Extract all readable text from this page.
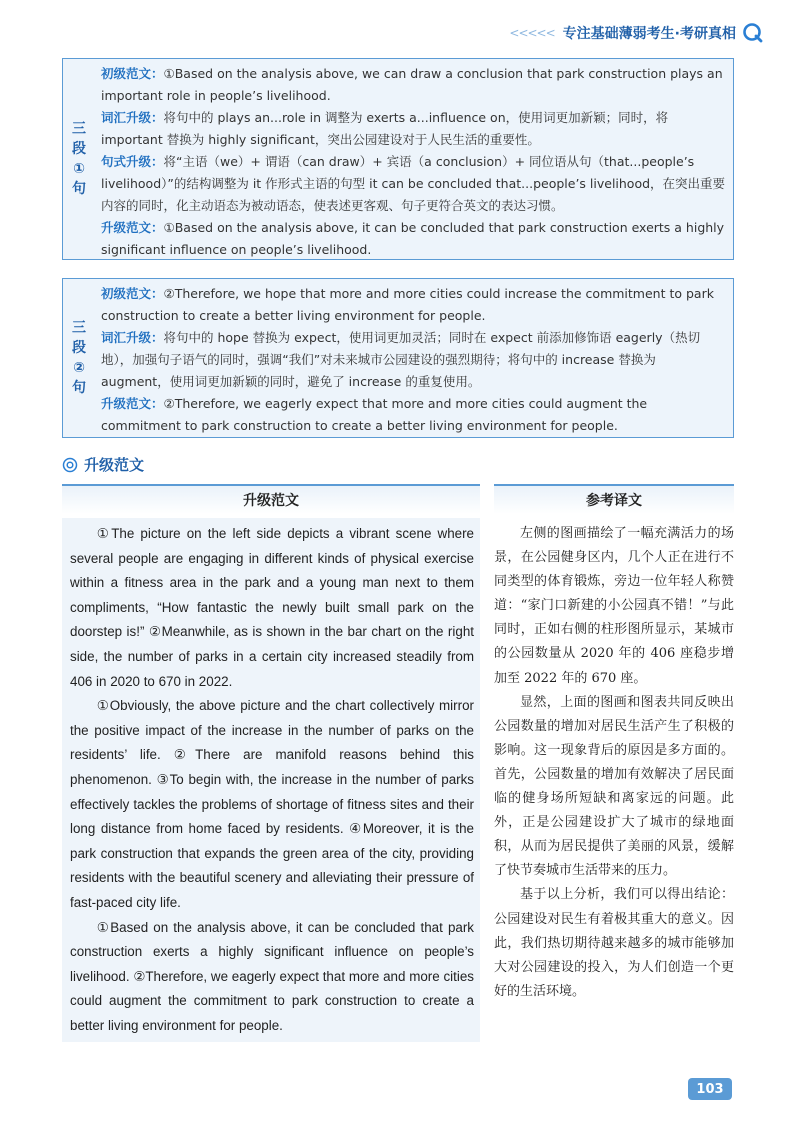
<<<<< 专注基础薄弱考生·考研真相
三
段
①
句

初级范文：①Based on the analysis above, we can draw a conclusion that park construction plays an important role in people’s livelihood.

词汇升级：将句中的 plays an...role in 调整为 exerts a...influence on，使用词更加新颖；同时，将 important 替换为 highly significant，突出公园建设对于人民生活的重要性。

句式升级：将“主语（we）+ 谓语（can draw）+ 宾语（a conclusion）+ 同位语从句（that...people’s livelihood）”的结构调整为 it 作形式主语的句型 it can be concluded that...people’s livelihood，在突出重要内容的同时，化主动语态为被动语态，使表述更客观、句子更符合英文的表达习惯。

升级范文：①Based on the analysis above, it can be concluded that park construction exerts a highly significant influence on people’s livelihood.

三
段
②
句

初级范文：②Therefore, we hope that more and more cities could increase the commitment to park construction to create a better living environment for people.

词汇升级：将句中的 hope 替换为 expect，使用词更加灵活；同时在 expect 前添加修饰语 eagerly（热切地），加强句子语气的同时，强调“我们”对未来城市公园建设的强烈期待；将句中的 increase 替换为 augment，使用词更加新颖的同时，避免了 increase 的重复使用。

升级范文：②Therefore, we eagerly expect that more and more cities could augment the commitment to park construction to create a better living environment for people.

升级范文
升级范文	参考译文

①The picture on the left side depicts a vibrant scene where several people are engaging in different kinds of physical exercise within a fitness area in the park and a young man next to them compliments, “How fantastic the newly built small park on the doorstep is!” ②Meanwhile, as is shown in the bar chart on the right side, the number of parks in a certain city increased steadily from 406 in 2020 to 670 in 2022.

①Obviously, the above picture and the chart collectively mirror the positive impact of the increase in the number of parks on the residents’ life. ②There are manifold reasons behind this phenomenon. ③To begin with, the increase in the number of parks effectively tackles the problems of shortage of fitness sites and their long distance from home faced by residents. ④Moreover, it is the park construction that expands the green area of the city, providing residents with the beautiful scenery and alleviating their pressure of fast-paced city life.

①Based on the analysis above, it can be concluded that park construction exerts a highly significant influence on people’s livelihood. ②Therefore, we eagerly expect that more and more cities could augment the commitment to park construction to create a better living environment for people.

左侧的图画描绘了一幅充满活力的场景，在公园健身区内，几个人正在进行不同类型的体育锻炼，旁边一位年轻人称赞道：“家门口新建的小公园真不错！”与此同时，正如右侧的柱形图所显示，某城市的公园数量从 2020 年的 406 座稳步增加至 2022 年的 670 座。

显然，上面的图画和图表共同反映出公园数量的增加对居民生活产生了积极的影响。这一现象背后的原因是多方面的。首先，公园数量的增加有效解决了居民面临的健身场所短缺和离家远的问题。此外，正是公园建设扩大了城市的绿地面积，从而为居民提供了美丽的风景，缓解了快节奏城市生活带来的压力。

基于以上分析，我们可以得出结论：公园建设对民生有着极其重大的意义。因此，我们热切期待越来越多的城市能够加大对公园建设的投入，为人们创造一个更好的生活环境。

103
